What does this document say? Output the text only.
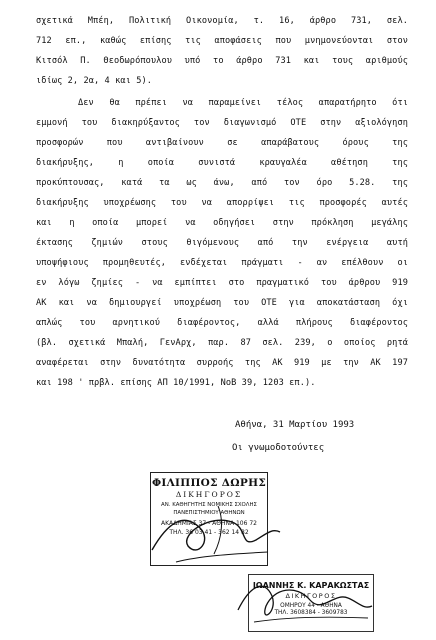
σχετικά Μπέη, Πολιτική Οικονομία, τ. 16, άρθρο 731, σελ.
712 επ., καθώς επίσης τις αποφάσεις που μνημονεύονται στον
Κιτσόλ Π. Θεοδωρόπουλου υπό το άρθρο 731 και τους αριθμούς
ιδίως 2, 2α, 4 και 5).
Δεν θα πρέπει να παραμείνει τέλος απαρατήρητο ότι
εμμονή του διακηρύξαντος τον διαγωνισμό ΟΤΕ στην αξιολόγηση
προσφορών που αντιβαίνουν σε απαράβατους όρους της
διακήρυξης, η οποία συνιστά κραυγαλέα αθέτηση της
προκύπτουσας, κατά τα ως άνω, από τον όρο 5.28. της
διακήρυξης υποχρέωσης του να απορρίψει τις προσφορές αυτές
και η οποία μπορεί να οδηγήσει στην πρόκληση μεγάλης
έκτασης ζημιών στους θιγόμενους από την ενέργεια αυτή
υποψήφιους προμηθευτές, ενδέχεται πράγματι - αν επέλθουν οι
εν λόγω ζημίες - να εμπίπτει στο πραγματικό του άρθρου 919
ΑΚ και να δημιουργεί υποχρέωση του ΟΤΕ για αποκατάσταση όχι
απλώς του αρνητικού διαφέροντος, αλλά πλήρους διαφέροντος
(βλ. σχετικά Μπαλή, ΓενΑρχ, παρ. 87 σελ. 239, ο οποίος ρητά
αναφέρεται στην δυνατότητα συρροής της ΑΚ 919 με την ΑΚ 197
και 198 ' πρβλ. επίσης ΑΠ 10/1991, ΝοΒ 39, 1203 επ.).
Αθήνα, 31 Μαρτίου 1993
Οι γνωμοδοτούντες
ΦΙΛΙΠΠΟΣ ΔΩΡΗΣ
ΔΙΚΗΓΟΡΟΣ
ΑΝ. ΚΑΘΗΓΗΤΗΣ ΝΟΜΙΚΗΣ ΣΧΟΛΗΣ
ΠΑΝΕΠΙΣΤΗΜΙΟΥ ΑΘΗΝΩΝ
ΑΚΑΔΗΜΙΑΣ 37 - ΑΘΗΝΑ 106 72
ΤΗΛ. 36 03 41 - 362 14 82
ΙΩΑΝΝΗΣ Κ. ΚΑΡΑΚΩΣΤΑΣ
ΔΙΚΗΓΟΡΟΣ
ΟΜΗΡΟΥ 44 - ΑΘΗΝΑ
ΤΗΛ. 3608384 - 3609783
